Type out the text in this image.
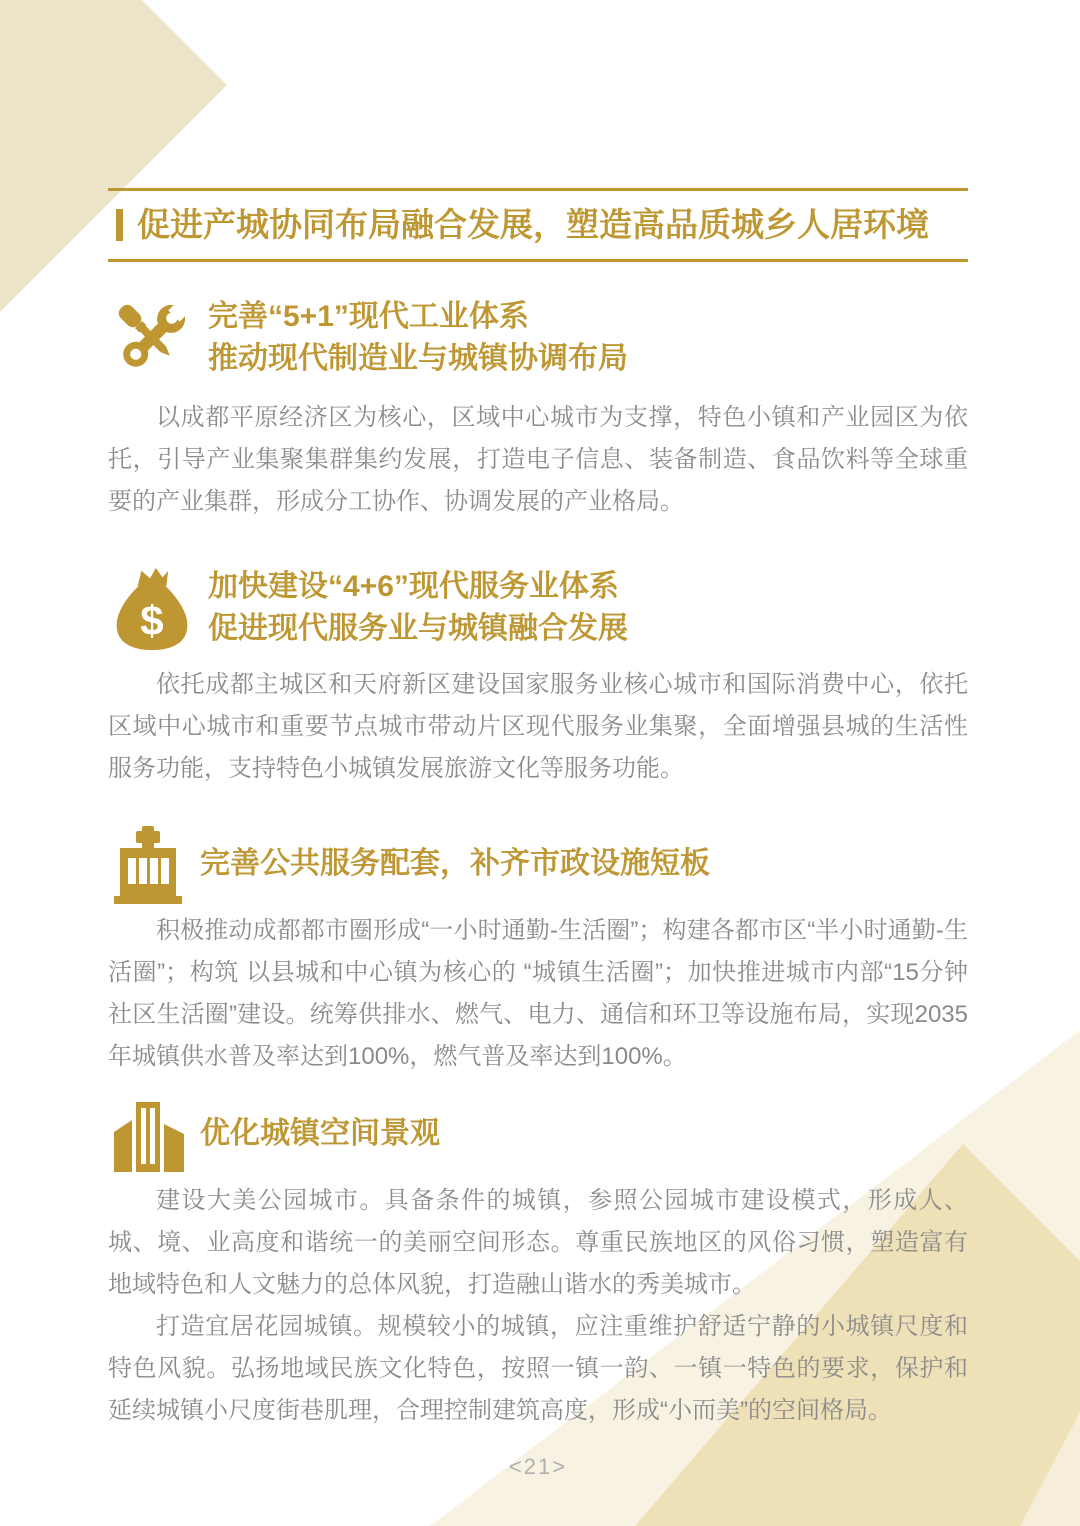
促进产城协同布局融合发展，塑造高品质城乡人居环境
完善“5+1”现代工业体系
推动现代制造业与城镇协调布局

以成都平原经济区为核心，区域中心城市为支撑，特色小镇和产业园区为依托，引导产业集聚集群集约发展，打造电子信息、装备制造、食品饮料等全球重要的产业集群，形成分工协作、协调发展的产业格局。

$
加快建设“4+6”现代服务业体系
促进现代服务业与城镇融合发展

依托成都主城区和天府新区建设国家服务业核心城市和国际消费中心，依托区域中心城市和重要节点城市带动片区现代服务业集聚，全面增强县城的生活性服务功能，支持特色小城镇发展旅游文化等服务功能。

完善公共服务配套，补齐市政设施短板

积极推动成都都市圈形成“一小时通勤-生活圈”；构建各都市区“半小时通勤-生活圈”；构筑 以县城和中心镇为核心的 “城镇生活圈”；加快推进城市内部“15分钟社区生活圈”建设。统筹供排水、燃气、电力、通信和环卫等设施布局，实现2035年城镇供水普及率达到100%，燃气普及率达到100%。

优化城镇空间景观

建设大美公园城市。具备条件的城镇，参照公园城市建设模式，形成人、城、境、业高度和谐统一的美丽空间形态。尊重民族地区的风俗习惯，塑造富有地域特色和人文魅力的总体风貌，打造融山谐水的秀美城市。

打造宜居花园城镇。规模较小的城镇，应注重维护舒适宁静的小城镇尺度和特色风貌。弘扬地域民族文化特色，按照一镇一韵、一镇一特色的要求，保护和延续城镇小尺度街巷肌理，合理控制建筑高度，形成“小而美”的空间格局。

<21>
